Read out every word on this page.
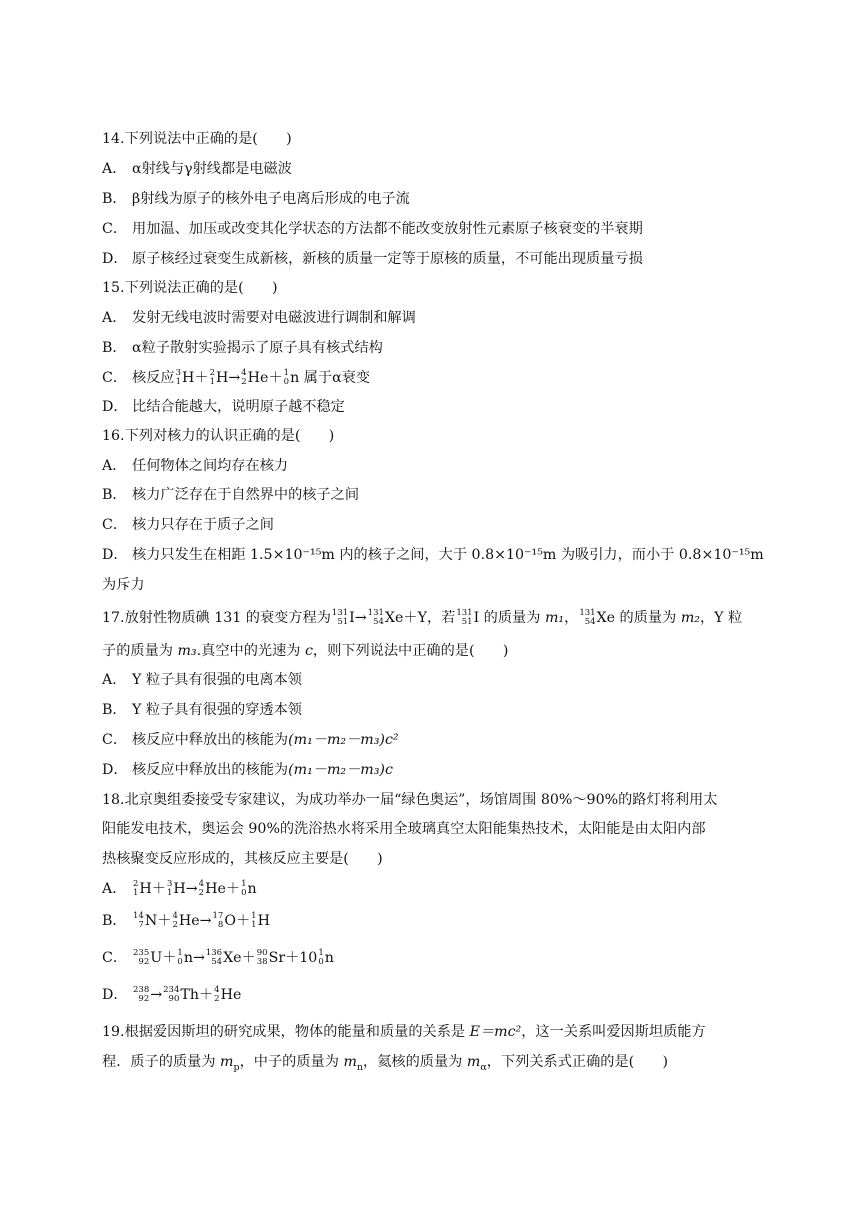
14.下列说法中正确的是(　　)
A． α射线与γ射线都是电磁波
B． β射线为原子的核外电子电离后形成的电子流
C． 用加温、加压或改变其化学状态的方法都不能改变放射性元素原子核衰变的半衰期
D． 原子核经过衰变生成新核，新核的质量一定等于原核的质量，不可能出现质量亏损
15.下列说法正确的是(　　)
A． 发射无线电波时需要对电磁波进行调制和解调
B． α粒子散射实验揭示了原子具有核式结构
C． 核反应 3
1 H＋ 2
1 H→ 4
2 He＋ 1
0 n 属于α衰变
D． 比结合能越大，说明原子越不稳定
16.下列对核力的认识正确的是(　　)
A． 任何物体之间均存在核力
B． 核力广泛存在于自然界中的核子之间
C． 核力只存在于质子之间
D． 核力只发生在相距 1.5×10⁻¹⁵m 内的核子之间，大于 0.8×10⁻¹⁵m 为吸引力，而小于 0.8×10⁻¹⁵m
为斥力
17.放射性物质碘 131 的衰变方程为 131
51 I→ 131
54 Xe＋Y，若 131
51 I 的质量为 m₁， 131
54 Xe 的质量为 m₂，Y 粒
子的质量为 m₃.真空中的光速为 c，则下列说法中正确的是(　　)
A． Y 粒子具有很强的电离本领
B． Y 粒子具有很强的穿透本领
C． 核反应中释放出的核能为(m₁－m₂－m₃)c²
D． 核反应中释放出的核能为(m₁－m₂－m₃)c
18.北京奥组委接受专家建议，为成功举办一届“绿色奥运”，场馆周围 80%～90%的路灯将利用太
阳能发电技术，奥运会 90%的洗浴热水将采用全玻璃真空太阳能集热技术，太阳能是由太阳内部
热核聚变反应形成的，其核反应主要是(　　)
A． 2
1 H＋ 3
1 H→ 4
2 He＋ 1
0 n
B． 14
7 N＋ 4
2 He→ 17
8 O＋ 1
1 H
C． 235
92 U＋ 1
0 n→ 136
54 Xe＋ 90
38 Sr＋10 1
0 n
D． 238
92 → 234
90 Th＋ 4
2 He
19.根据爱因斯坦的研究成果，物体的能量和质量的关系是 E＝mc²，这一关系叫爱因斯坦质能方
程．质子的质量为 $m_p$，中子的质量为 $m_n$，氦核的质量为 $m_\alpha$，下列关系式正确的是(　　)
